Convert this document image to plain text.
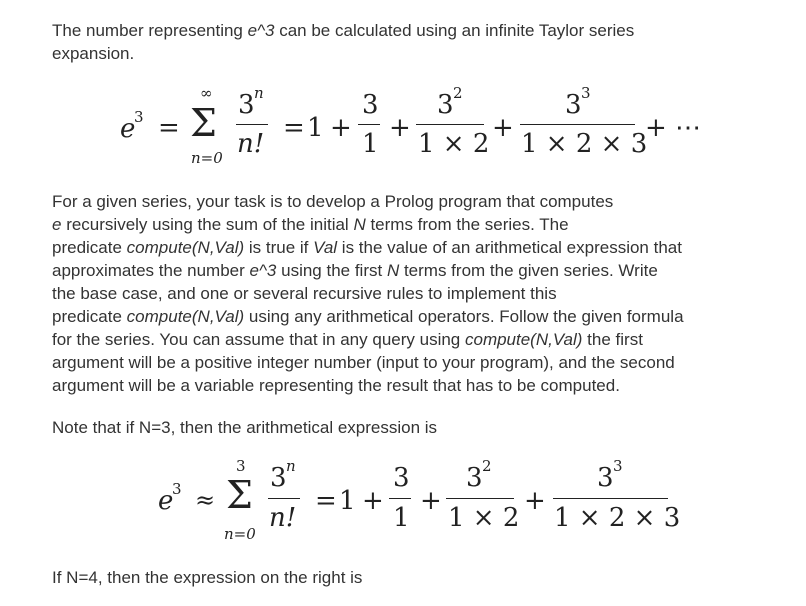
The number representing e^3 can be calculated using an infinite Taylor series

expansion.

e
3 =
∞
Σ
n=0
3 n
n!
= 1 +
3
1
+
3 2
1 × 2
+
3 3
1 × 2 × 3
+ ⋯

For a given series, your task is to develop a Prolog program that computes

e recursively using the sum of the initial N terms from the series. The

predicate compute(N,Val) is true if Val is the value of an arithmetical expression that

approximates the number e^3 using the first N terms from the given series. Write

the base case, and one or several recursive rules to implement this

predicate compute(N,Val) using any arithmetical operators. Follow the given formula

for the series. You can assume that in any query using compute(N,Val) the first

argument will be a positive integer number (input to your program), and the second

argument will be a variable representing the result that has to be computed.

Note that if N=3, then the arithmetical expression is

e
3 ≈
3
Σ
n=0
3 n
n!
= 1 +
3
1
+
3 2
1 × 2
+
3 3
1 × 2 × 3

If N=4, then the expression on the right is
